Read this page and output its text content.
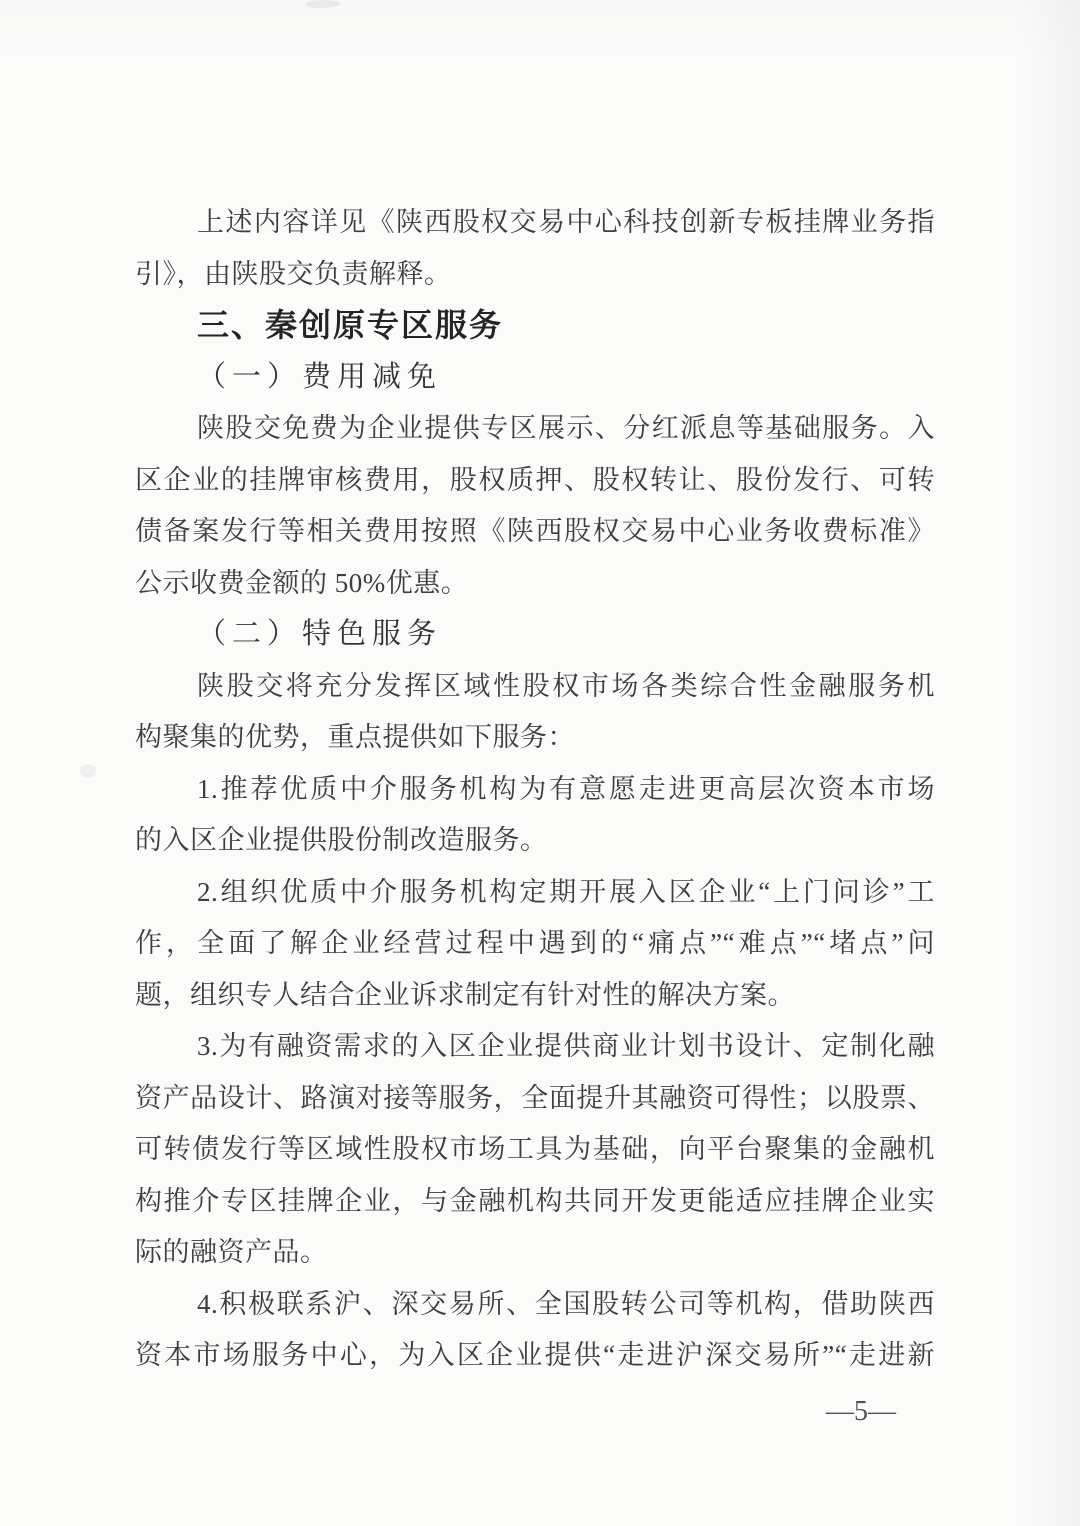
上述内容详见《陕西股权交易中心科技创新专板挂牌业务指
引》，由陕股交负责解释。
三、秦创原专区服务
（一）费用减免
陕股交免费为企业提供专区展示、分红派息等基础服务。入
区企业的挂牌审核费用，股权质押、股权转让、股份发行、可转
债备案发行等相关费用按照《陕西股权交易中心业务收费标准》
公示收费金额的 50%优惠。
（二）特色服务
陕股交将充分发挥区域性股权市场各类综合性金融服务机
构聚集的优势，重点提供如下服务：
1.推荐优质中介服务机构为有意愿走进更高层次资本市场
的入区企业提供股份制改造服务。
2.组织优质中介服务机构定期开展入区企业“上门问诊”工
作，全面了解企业经营过程中遇到的“痛点”“难点”“堵点”问
题，组织专人结合企业诉求制定有针对性的解决方案。
3.为有融资需求的入区企业提供商业计划书设计、定制化融
资产品设计、路演对接等服务，全面提升其融资可得性；以股票、
可转债发行等区域性股权市场工具为基础，向平台聚集的金融机
构推介专区挂牌企业，与金融机构共同开发更能适应挂牌企业实
际的融资产品。
4.积极联系沪、深交易所、全国股转公司等机构，借助陕西
资本市场服务中心，为入区企业提供“走进沪深交易所”“走进新
—5—
